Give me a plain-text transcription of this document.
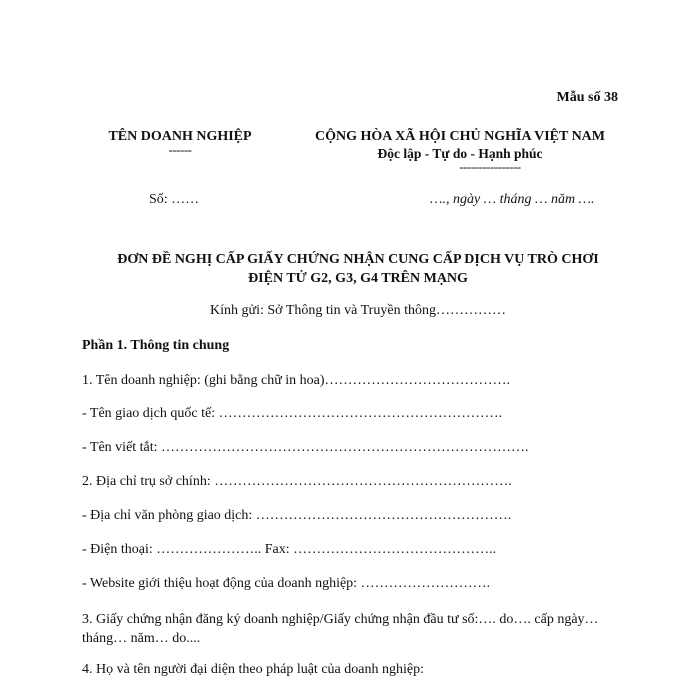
Mẫu số 38
TÊN DOANH NGHIỆP
------
CỘNG HÒA XÃ HỘI CHỦ NGHĨA VIỆT NAM
Độc lập - Tự do - Hạnh phúc
----------------
Số: ……	…., ngày … tháng … năm ….
ĐƠN ĐỀ NGHỊ CẤP GIẤY CHỨNG NHẬN CUNG CẤP DỊCH VỤ TRÒ CHƠI
ĐIỆN TỬ G2, G3, G4 TRÊN MẠNG
Kính gửi: Sở Thông tin và Truyền thông……………
Phần 1. Thông tin chung
1. Tên doanh nghiệp: (ghi bằng chữ in hoa)………………………………….
- Tên giao dịch quốc tế: …………………………………………………….
- Tên viết tắt: …………………………………………………………………….
2. Địa chỉ trụ sở chính: ……………………………………………………….
- Địa chỉ văn phòng giao dịch: ……………………………………………….
- Điện thoại: ………………….. Fax: ……………………………………..
- Website giới thiệu hoạt động của doanh nghiệp: ……………………….
3. Giấy chứng nhận đăng ký doanh nghiệp/Giấy chứng nhận đầu tư số:…. do…. cấp ngày… tháng… năm… do....
4. Họ và tên người đại diện theo pháp luật của doanh nghiệp:
